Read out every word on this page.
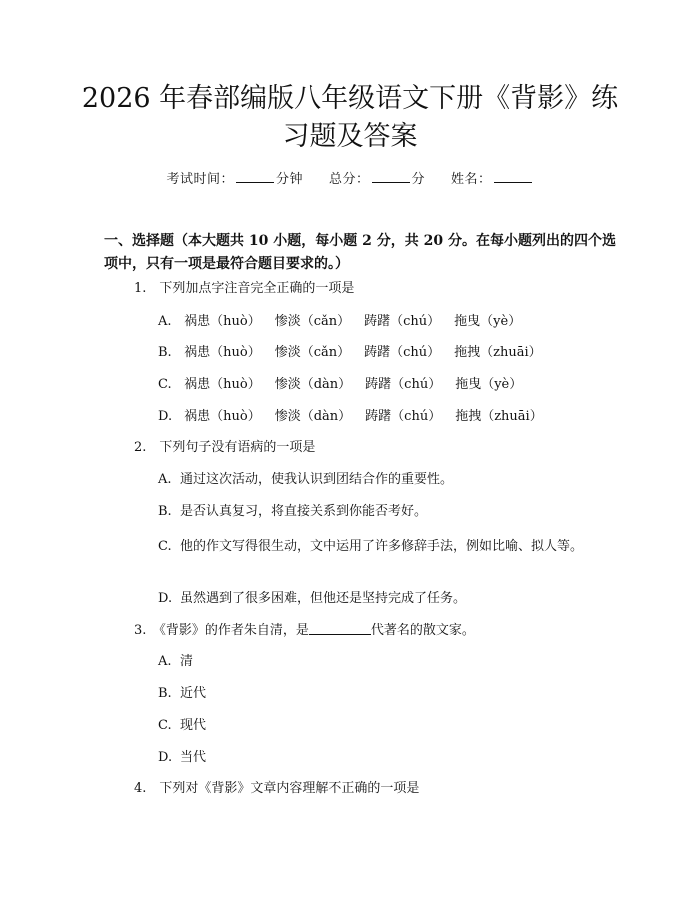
2026 年春部编版八年级语文下册《背影》练
习题及答案
考试时间：	分钟 总分：	分 姓名：
一、选择题（本大题共 10 小题，每小题 2 分，共 20 分。在每小题列出的四个选项中，只有一项是最符合题目要求的。）
1.　下列加点字注音完全正确的一项是
A. 祸患（huò） 惨淡（cǎn） 踌躇（chú） 拖曳（yè）
B. 祸患（huò） 惨淡（cǎn） 踌躇（chú） 拖拽（zhuāi）
C. 祸患（huò） 惨淡（dàn） 踌躇（chú） 拖曳（yè）
D. 祸患（huò） 惨淡（dàn） 踌躇（chú） 拖拽（zhuāi）
2.　下列句子没有语病的一项是
A. 通过这次活动，使我认识到团结合作的重要性。
B. 是否认真复习，将直接关系到你能否考好。
C. 他的作文写得很生动，文中运用了许多修辞手法，例如比喻、拟人等。
D. 虽然遇到了很多困难，但他还是坚持完成了任务。
3.　《背影》的作者朱自清，是	代著名的散文家。
A. 清
B. 近代
C. 现代
D. 当代
4.　下列对《背影》文章内容理解不正确的一项是
